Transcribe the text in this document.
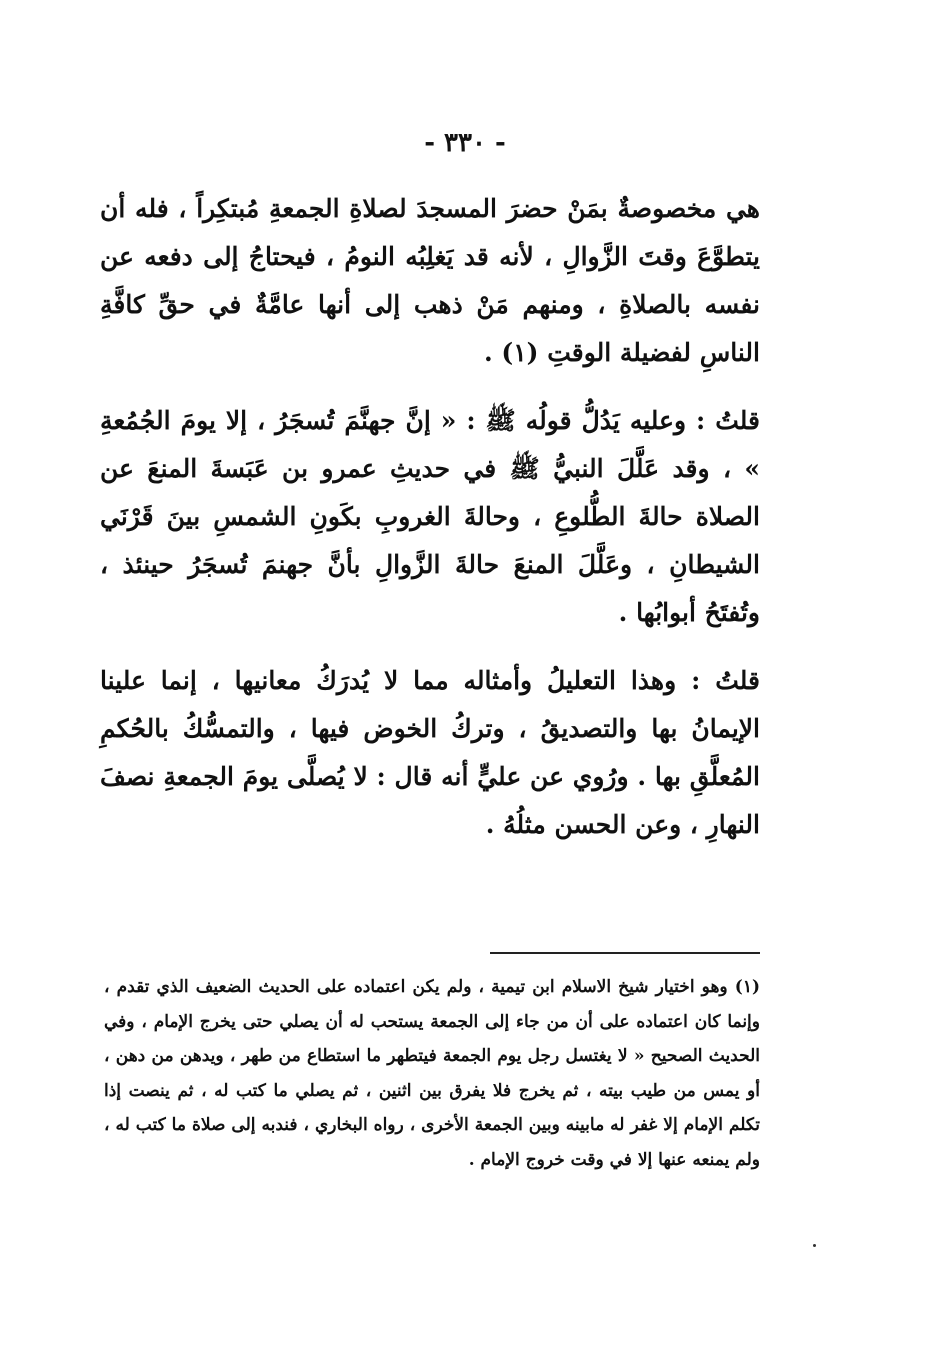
- ٣٣٠ -

هي مخصوصةٌ بمَنْ حضرَ المسجدَ لصلاةِ الجمعةِ مُبتكِراً ، فله أن يتطوَّعَ وقتَ الزَّوالِ ، لأنه قد يَغلِبُه النومُ ، فيحتاجُ إلى دفعه عن نفسه بالصلاةِ ، ومنهم مَنْ ذهب إلى أنها عامَّةٌ في حقِّ كافَّةِ الناسِ لفضيلة الوقتِ (١) .

قلتُ : وعليه يَدُلُّ قولُه ﷺ : « إنَّ جهنَّمَ تُسجَرُ ، إلا يومَ الجُمُعةِ » ، وقد عَلَّلَ النبيُّ ﷺ في حديثِ عمرو بن عَبَسةَ المنعَ عن الصلاة حالةَ الطُّلوعِ ، وحالةَ الغروبِ بكَونِ الشمسِ بينَ قَرْنَي الشيطانِ ، وعَلَّلَ المنعَ حالةَ الزَّوالِ بأنَّ جهنمَ تُسجَرُ حينئذ ، وتُفتَحُ أبوابُها .

قلتُ : وهذا التعليلُ وأمثاله مما لا يُدرَكُ معانيها ، إنما علينا الإيمانُ بها والتصديقُ ، وتركُ الخوض فيها ، والتمسُّكُ بالحُكمِ المُعلَّقِ بها . ورُوي عن عليٍّ أنه قال : لا يُصلَّى يومَ الجمعةِ نصفَ النهارِ ، وعن الحسن مثلُهُ .

(١) وهو اختيار شيخ الاسلام ابن تيمية ، ولم يكن اعتماده على الحديث الضعيف الذي تقدم ، وإنما كان اعتماده على أن من جاء إلى الجمعة يستحب له أن يصلي حتى يخرج الإمام ، وفي الحديث الصحيح « لا يغتسل رجل يوم الجمعة فيتطهر ما استطاع من طهر ، ويدهن من دهن ، أو يمس من طيب بيته ، ثم يخرج فلا يفرق بين اثنين ، ثم يصلي ما كتب له ، ثم ينصت إذا تكلم الإمام إلا غفر له مابينه وبين الجمعة الأخرى ، رواه البخاري ، فندبه إلى صلاة ما كتب له ، ولم يمنعه عنها إلا في وقت خروج الإمام .
